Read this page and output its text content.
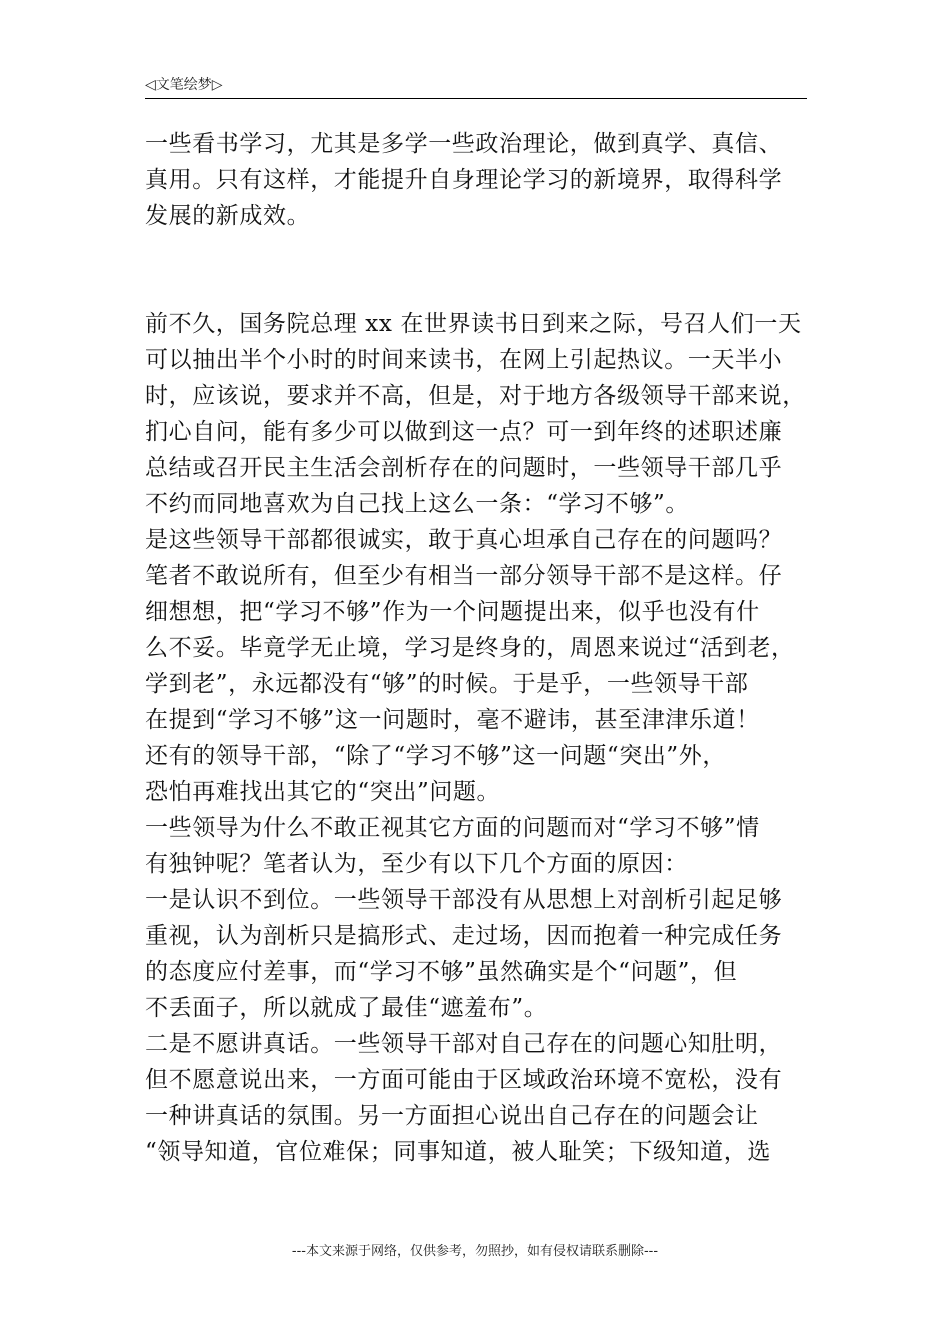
◁文笔绘梦▷
一些看书学习，尤其是多学一些政治理论，做到真学、真信、
真用。只有这样，才能提升自身理论学习的新境界，取得科学
发展的新成效。
前不久，国务院总理 xx 在世界读书日到来之际，号召人们一天
可以抽出半个小时的时间来读书，在网上引起热议。一天半小
时，应该说，要求并不高，但是，对于地方各级领导干部来说，
扪心自问，能有多少可以做到这一点？可一到年终的述职述廉
总结或召开民主生活会剖析存在的问题时，一些领导干部几乎
不约而同地喜欢为自己找上这么一条：“学习不够”。
是这些领导干部都很诚实，敢于真心坦承自己存在的问题吗？
笔者不敢说所有，但至少有相当一部分领导干部不是这样。仔
细想想，把“学习不够”作为一个问题提出来，似乎也没有什
么不妥。毕竟学无止境，学习是终身的，周恩来说过“活到老，
学到老”，永远都没有“够”的时候。于是乎，一些领导干部
在提到“学习不够”这一问题时，毫不避讳，甚至津津乐道！
还有的领导干部，“除了“学习不够”这一问题“突出”外，
恐怕再难找出其它的“突出”问题。
一些领导为什么不敢正视其它方面的问题而对“学习不够”情
有独钟呢？笔者认为，至少有以下几个方面的原因：
一是认识不到位。一些领导干部没有从思想上对剖析引起足够
重视，认为剖析只是搞形式、走过场，因而抱着一种完成任务
的态度应付差事，而“学习不够”虽然确实是个“问题”，但
不丢面子，所以就成了最佳“遮羞布”。
二是不愿讲真话。一些领导干部对自己存在的问题心知肚明，
但不愿意说出来，一方面可能由于区域政治环境不宽松，没有
一种讲真话的氛围。另一方面担心说出自己存在的问题会让
“领导知道，官位难保；同事知道，被人耻笑；下级知道，选
---本文来源于网络，仅供参考，勿照抄，如有侵权请联系删除---
